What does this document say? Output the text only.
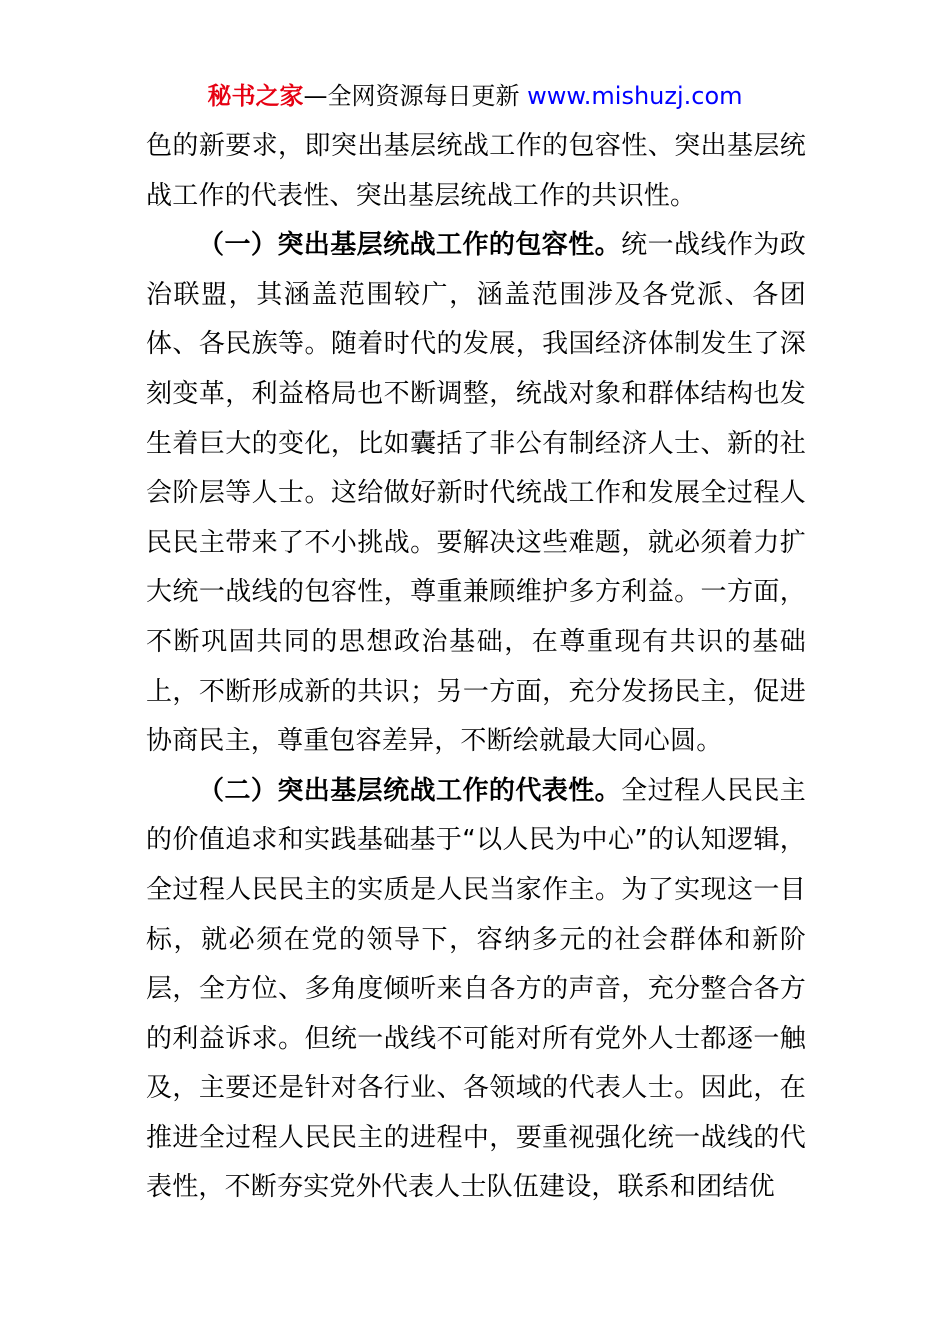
秘书之家—全网资源每日更新 www.mishuzj.com

色的新要求，即突出基层统战工作的包容性、突出基层统战工作的代表性、突出基层统战工作的共识性。

（一）突出基层统战工作的包容性。统一战线作为政治联盟，其涵盖范围较广，涵盖范围涉及各党派、各团体、各民族等。随着时代的发展，我国经济体制发生了深刻变革，利益格局也不断调整，统战对象和群体结构也发生着巨大的变化，比如囊括了非公有制经济人士、新的社会阶层等人士。这给做好新时代统战工作和发展全过程人民民主带来了不小挑战。要解决这些难题，就必须着力扩大统一战线的包容性，尊重兼顾维护多方利益。一方面，不断巩固共同的思想政治基础，在尊重现有共识的基础上，不断形成新的共识；另一方面，充分发扬民主，促进协商民主，尊重包容差异，不断绘就最大同心圆。

（二）突出基层统战工作的代表性。全过程人民民主的价值追求和实践基础基于“以人民为中心”的认知逻辑，全过程人民民主的实质是人民当家作主。为了实现这一目标，就必须在党的领导下，容纳多元的社会群体和新阶层，全方位、多角度倾听来自各方的声音，充分整合各方的利益诉求。但统一战线不可能对所有党外人士都逐一触及，主要还是针对各行业、各领域的代表人士。因此，在推进全过程人民民主的进程中，要重视强化统一战线的代表性，不断夯实党外代表人士队伍建设，联系和团结优
